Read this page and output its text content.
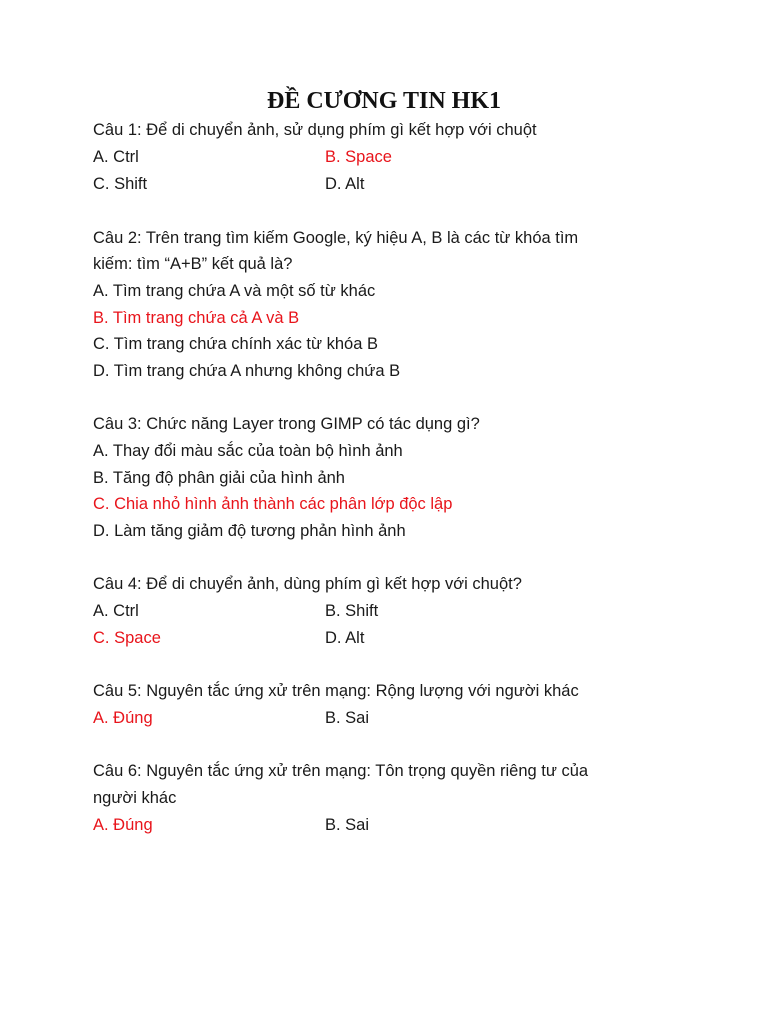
ĐỀ CƯƠNG TIN HK1
Câu 1: Để di chuyển ảnh, sử dụng phím gì kết hợp với chuột
A. Ctrl	B. Space
C. Shift	D. Alt
Câu 2: Trên trang tìm kiếm Google, ký hiệu A, B là các từ khóa tìm
kiếm: tìm “A+B” kết quả là?
A. Tìm trang chứa A và một số từ khác
B. Tìm trang chứa cả A và B
C. Tìm trang chứa chính xác từ khóa B
D. Tìm trang chứa A nhưng không chứa B
Câu 3: Chức năng Layer trong GIMP có tác dụng gì?
A. Thay đổi màu sắc của toàn bộ hình ảnh
B. Tăng độ phân giải của hình ảnh
C. Chia nhỏ hình ảnh thành các phân lớp độc lập
D. Làm tăng giảm độ tương phản hình ảnh
Câu 4: Để di chuyển ảnh, dùng phím gì kết hợp với chuột?
A. Ctrl	B. Shift
C. Space	D. Alt
Câu 5: Nguyên tắc ứng xử trên mạng: Rộng lượng với người khác
A. Đúng	B. Sai
Câu 6: Nguyên tắc ứng xử trên mạng: Tôn trọng quyền riêng tư của
người khác
A. Đúng	B. Sai
